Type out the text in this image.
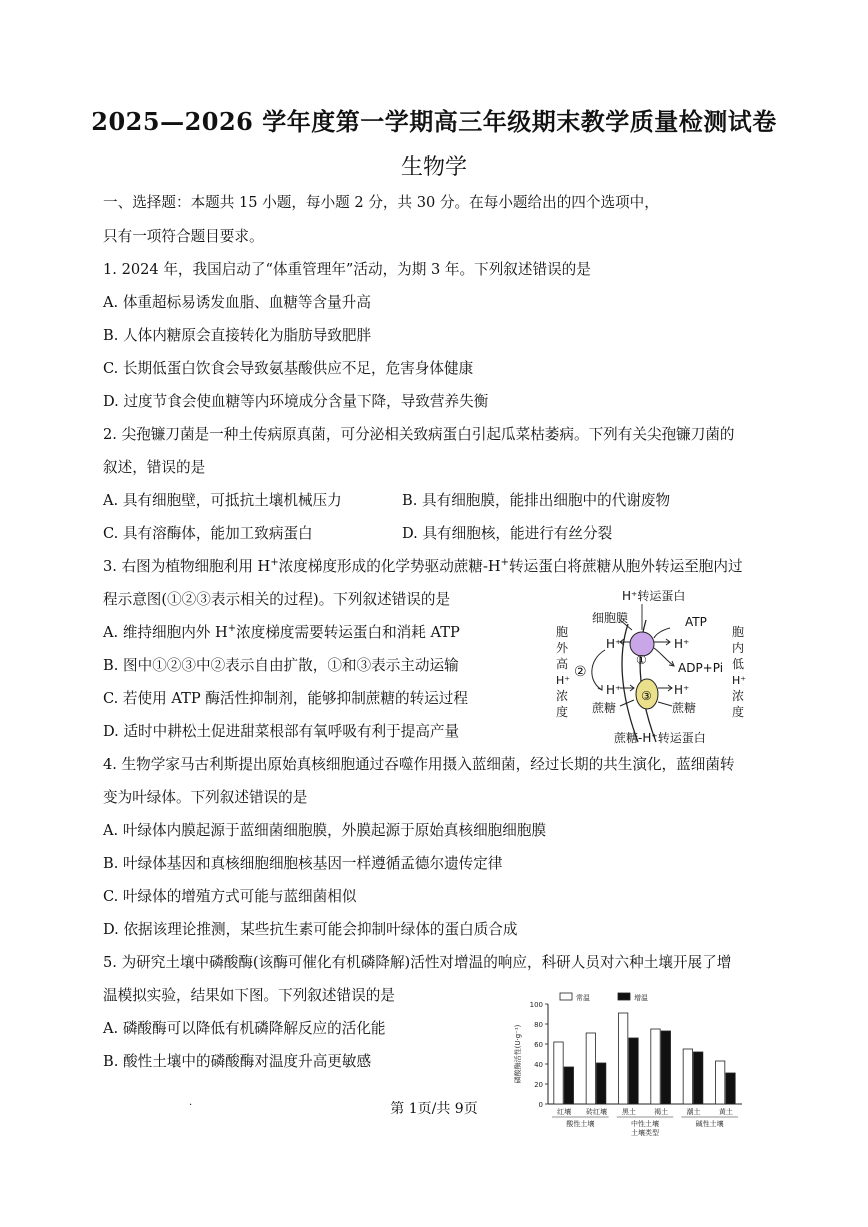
2025—2026 学年度第一学期高三年级期末教学质量检测试卷
生物学
一、选择题：本题共 15 小题，每小题 2 分，共 30 分。在每小题给出的四个选项中，
只有一项符合题目要求。
1. 2024 年，我国启动了“体重管理年”活动，为期 3 年。下列叙述错误的是
A. 体重超标易诱发血脂、血糖等含量升高
B. 人体内糖原会直接转化为脂肪导致肥胖
C. 长期低蛋白饮食会导致氨基酸供应不足，危害身体健康
D. 过度节食会使血糖等内环境成分含量下降，导致营养失衡
2. 尖孢镰刀菌是一种土传病原真菌，可分泌相关致病蛋白引起瓜菜枯萎病。下列有关尖孢镰刀菌的
叙述，错误的是
A. 具有细胞壁，可抵抗土壤机械压力	B. 具有细胞膜，能排出细胞中的代谢废物
C. 具有溶酶体，能加工致病蛋白	D. 具有细胞核，能进行有丝分裂
3. 右图为植物细胞利用 H+浓度梯度形成的化学势驱动蔗糖-H+转运蛋白将蔗糖从胞外转运至胞内过
程示意图(①②③表示相关的过程)。下列叙述错误的是
A. 维持细胞内外 H+浓度梯度需要转运蛋白和消耗 ATP
B. 图中①②③中②表示自由扩散，①和③表示主动运输
C. 若使用 ATP 酶活性抑制剂，能够抑制蔗糖的转运过程
D. 适时中耕松土促进甜菜根部有氧呼吸有利于提高产量
H⁺转运蛋白
细胞膜	ATP
H⁺	H⁺
ADP+Pi
①
②
③
H⁺	H⁺
蔗糖	蔗糖
蔗糖-H⁺转运蛋白
胞
外
高
H⁺
浓
度
胞
内
低
H⁺
浓
度
4. 生物学家马古利斯提出原始真核细胞通过吞噬作用摄入蓝细菌，经过长期的共生演化，蓝细菌转
变为叶绿体。下列叙述错误的是
A. 叶绿体内膜起源于蓝细菌细胞膜，外膜起源于原始真核细胞细胞膜
B. 叶绿体基因和真核细胞细胞核基因一样遵循孟德尔遗传定律
C. 叶绿体的增殖方式可能与蓝细菌相似
D. 依据该理论推测，某些抗生素可能会抑制叶绿体的蛋白质合成
5. 为研究土壤中磷酸酶(该酶可催化有机磷降解)活性对增温的响应，科研人员对六种土壤开展了增
温模拟实验，结果如下图。下列叙述错误的是
A. 磷酸酶可以降低有机磷降解反应的活化能
B. 酸性土壤中的磷酸酶对温度升高更敏感
0
20
40
60
80
100
磷酸酶活性(U·g⁻¹)
红壤 砖红壤 黑土	褐土	潮土	黄土
酸性土壤	中性土壤	碱性土壤
土壤类型
常温	增温
·	第 1页/共 9页
